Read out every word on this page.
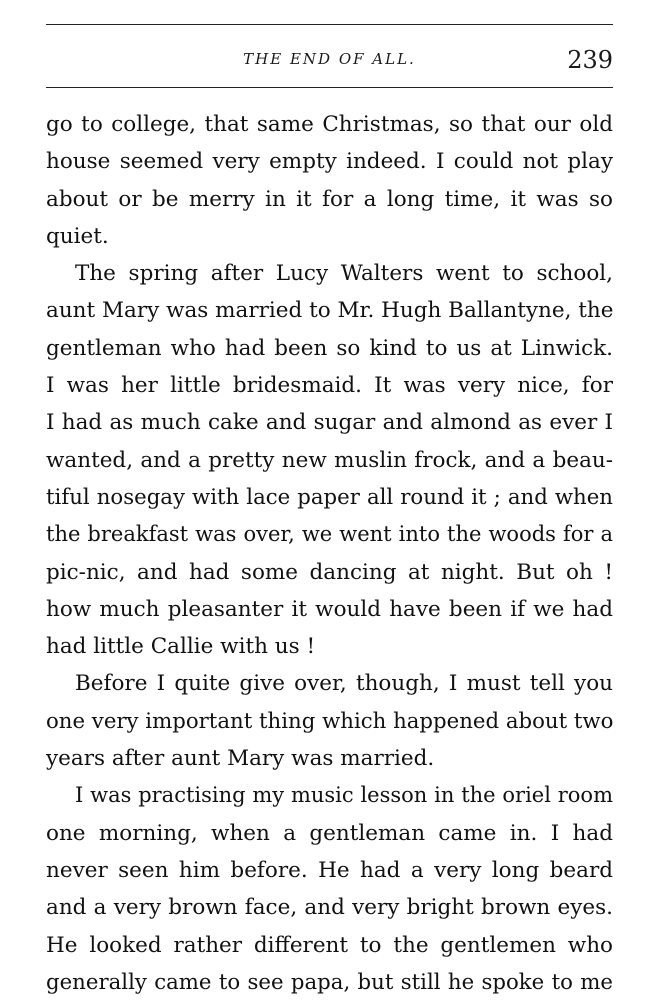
THE END OF ALL.	239
go to college, that same Christmas, so that our old
house seemed very empty indeed. I could not play
about or be merry in it for a long time, it was so
quiet.
The spring after Lucy Walters went to school,
aunt Mary was married to Mr. Hugh Ballantyne, the
gentleman who had been so kind to us at Linwick.
I was her little bridesmaid. It was very nice, for
I had as much cake and sugar and almond as ever I
wanted, and a pretty new muslin frock, and a beau-
tiful nosegay with lace paper all round it ; and when
the breakfast was over, we went into the woods for a
pic-nic, and had some dancing at night. But oh !
how much pleasanter it would have been if we had
had little Callie with us !
Before I quite give over, though, I must tell you
one very important thing which happened about two
years after aunt Mary was married.
I was practising my music lesson in the oriel room
one morning, when a gentleman came in. I had
never seen him before. He had a very long beard
and a very brown face, and very bright brown eyes.
He looked rather different to the gentlemen who
generally came to see papa, but still he spoke to me
